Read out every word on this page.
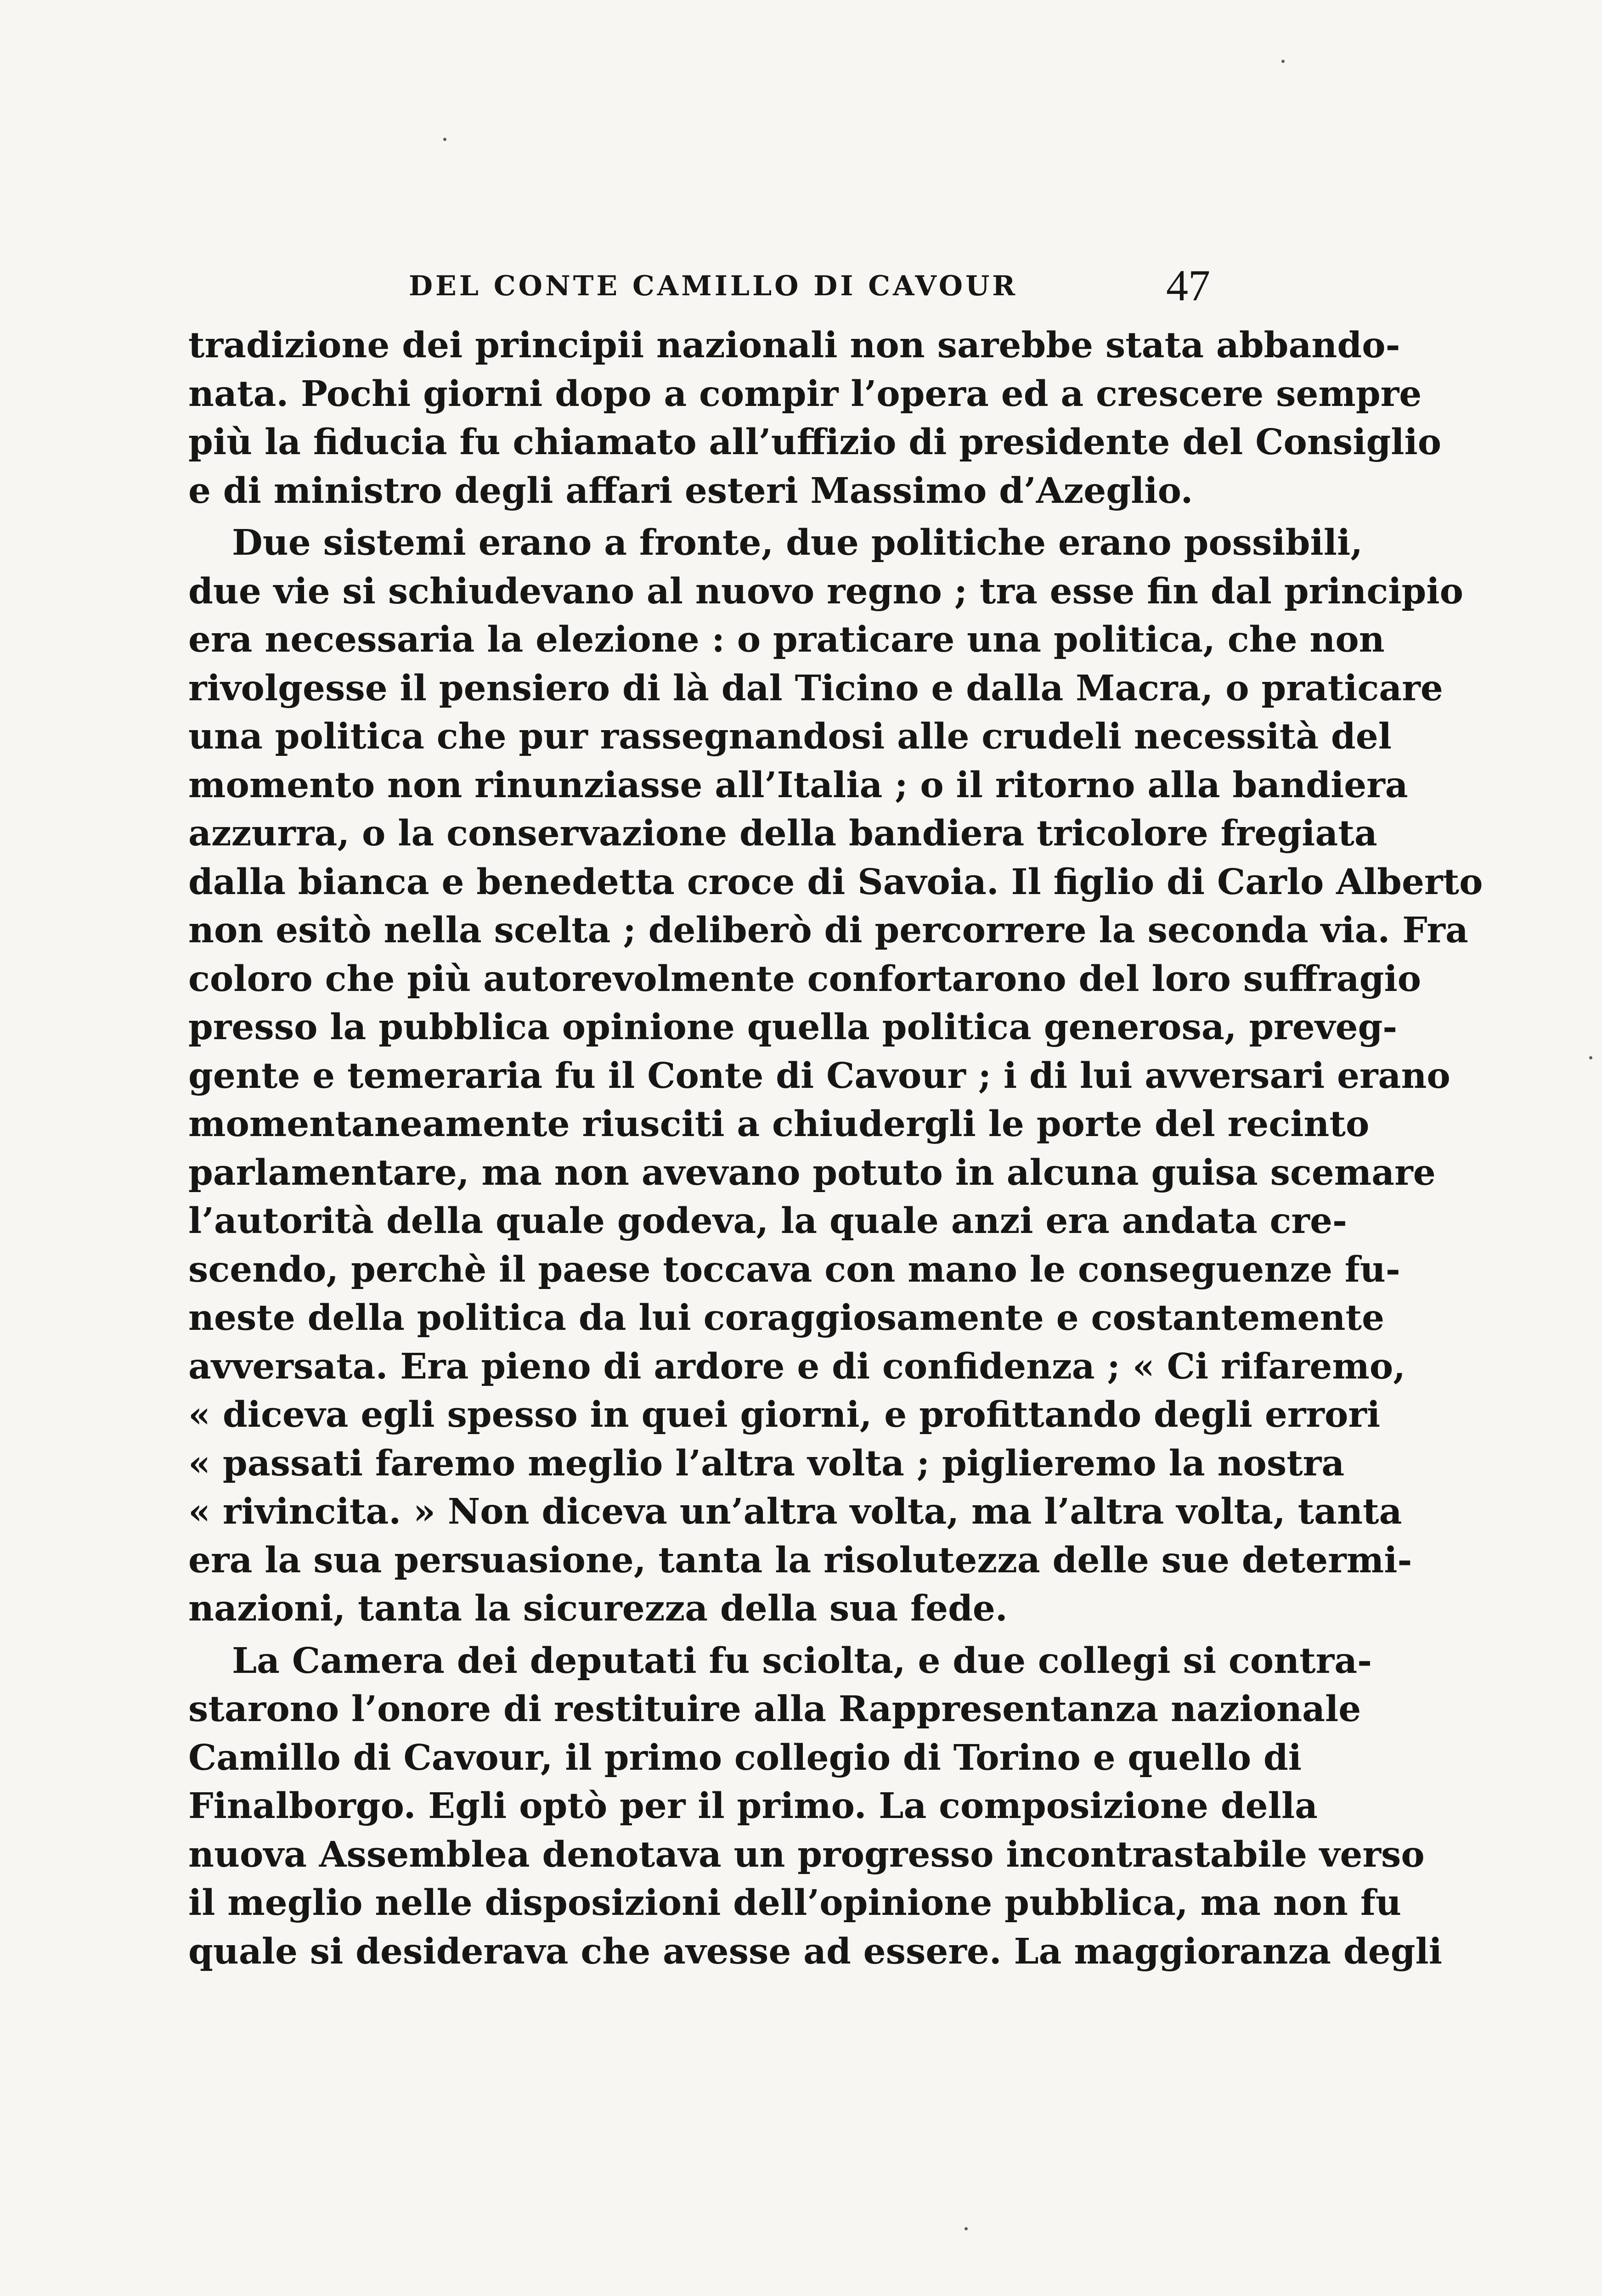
DEL CONTE CAMILLO DI CAVOUR	47
tradizione dei principii nazionali non sarebbe stata abbando-
nata. Pochi giorni dopo a compir l’opera ed a crescere sempre
più la fiducia fu chiamato all’uffizio di presidente del Consiglio
e di ministro degli affari esteri Massimo d’Azeglio.
Due sistemi erano a fronte, due politiche erano possibili,
due vie si schiudevano al nuovo regno ; tra esse fin dal principio
era necessaria la elezione : o praticare una politica, che non
rivolgesse il pensiero di là dal Ticino e dalla Macra, o praticare
una politica che pur rassegnandosi alle crudeli necessità del
momento non rinunziasse all’Italia ; o il ritorno alla bandiera
azzurra, o la conservazione della bandiera tricolore fregiata
dalla bianca e benedetta croce di Savoia. Il figlio di Carlo Alberto
non esitò nella scelta ; deliberò di percorrere la seconda via. Fra
coloro che più autorevolmente confortarono del loro suffragio
presso la pubblica opinione quella politica generosa, preveg-
gente e temeraria fu il Conte di Cavour ; i di lui avversari erano
momentaneamente riusciti a chiudergli le porte del recinto
parlamentare, ma non avevano potuto in alcuna guisa scemare
l’autorità della quale godeva, la quale anzi era andata cre-
scendo, perchè il paese toccava con mano le conseguenze fu-
neste della politica da lui coraggiosamente e costantemente
avversata. Era pieno di ardore e di confidenza ; « Ci rifaremo,
« diceva egli spesso in quei giorni, e profittando degli errori
« passati faremo meglio l’altra volta ; piglieremo la nostra
« rivincita. » Non diceva un’altra volta, ma l’altra volta, tanta
era la sua persuasione, tanta la risolutezza delle sue determi-
nazioni, tanta la sicurezza della sua fede.
La Camera dei deputati fu sciolta, e due collegi si contra-
starono l’onore di restituire alla Rappresentanza nazionale
Camillo di Cavour, il primo collegio di Torino e quello di
Finalborgo. Egli optò per il primo. La composizione della
nuova Assemblea denotava un progresso incontrastabile verso
il meglio nelle disposizioni dell’opinione pubblica, ma non fu
quale si desiderava che avesse ad essere. La maggioranza degli
